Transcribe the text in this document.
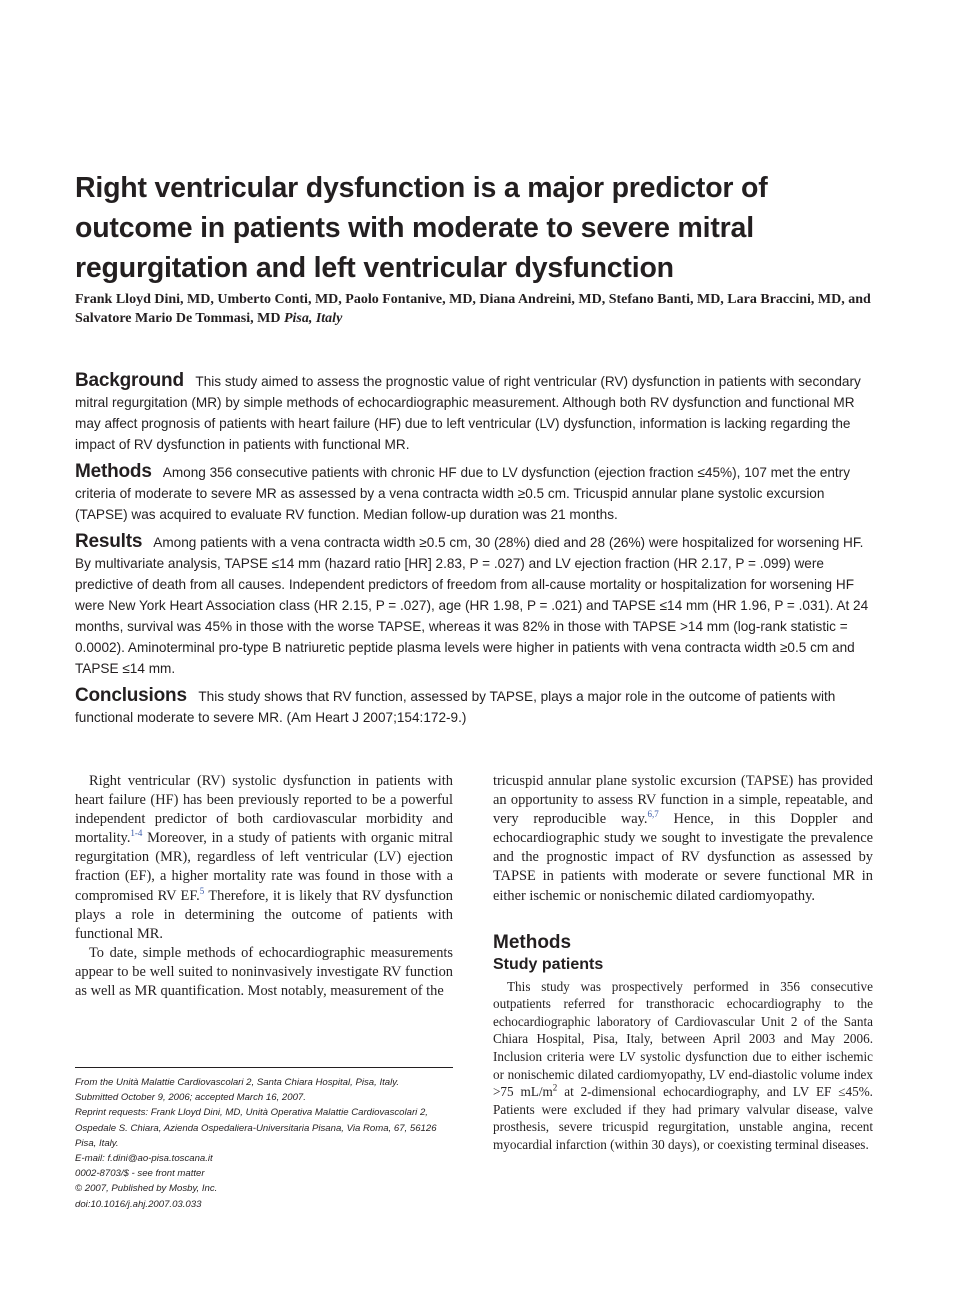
Right ventricular dysfunction is a major predictor of outcome in patients with moderate to severe mitral regurgitation and left ventricular dysfunction

Frank Lloyd Dini, MD, Umberto Conti, MD, Paolo Fontanive, MD, Diana Andreini, MD, Stefano Banti, MD, Lara Braccini, MD, and Salvatore Mario De Tommasi, MD Pisa, Italy

Background This study aimed to assess the prognostic value of right ventricular (RV) dysfunction in patients with secondary mitral regurgitation (MR) by simple methods of echocardiographic measurement. Although both RV dysfunction and functional MR may affect prognosis of patients with heart failure (HF) due to left ventricular (LV) dysfunction, information is lacking regarding the impact of RV dysfunction in patients with functional MR.

Methods Among 356 consecutive patients with chronic HF due to LV dysfunction (ejection fraction ≤45%), 107 met the entry criteria of moderate to severe MR as assessed by a vena contracta width ≥0.5 cm. Tricuspid annular plane systolic excursion (TAPSE) was acquired to evaluate RV function. Median follow-up duration was 21 months.

Results Among patients with a vena contracta width ≥0.5 cm, 30 (28%) died and 28 (26%) were hospitalized for worsening HF. By multivariate analysis, TAPSE ≤14 mm (hazard ratio [HR] 2.83, P = .027) and LV ejection fraction (HR 2.17, P = .099) were predictive of death from all causes. Independent predictors of freedom from all-cause mortality or hospitalization for worsening HF were New York Heart Association class (HR 2.15, P = .027), age (HR 1.98, P = .021) and TAPSE ≤14 mm (HR 1.96, P = .031). At 24 months, survival was 45% in those with the worse TAPSE, whereas it was 82% in those with TAPSE >14 mm (log-rank statistic = 0.0002). Aminoterminal pro-type B natriuretic peptide plasma levels were higher in patients with vena contracta width ≥0.5 cm and TAPSE ≤14 mm.

Conclusions This study shows that RV function, assessed by TAPSE, plays a major role in the outcome of patients with functional moderate to severe MR. (Am Heart J 2007;154:172-9.)

Right ventricular (RV) systolic dysfunction in patients with heart failure (HF) has been previously reported to be a powerful independent predictor of both cardiovascular morbidity and mortality.$^{1-4}$ Moreover, in a study of patients with organic mitral regurgitation (MR), regardless of left ventricular (LV) ejection fraction (EF), a higher mortality rate was found in those with a compromised RV EF.$^5$ Therefore, it is likely that RV dysfunction plays a role in determining the outcome of patients with functional MR.

To date, simple methods of echocardiographic measurements appear to be well suited to noninvasively investigate RV function as well as MR quantification. Most notably, measurement of the

From the Unità Malattie Cardiovascolari 2, Santa Chiara Hospital, Pisa, Italy.
Submitted October 9, 2006; accepted March 16, 2007.
Reprint requests: Frank Lloyd Dini, MD, Unità Operativa Malattie Cardiovascolari 2, Ospedale S. Chiara, Azienda Ospedaliera-Universitaria Pisana, Via Roma, 67, 56126 Pisa, Italy.
E-mail: f.dini@ao-pisa.toscana.it
0002-8703/$ - see front matter
© 2007, Published by Mosby, Inc.
doi:10.1016/j.ahj.2007.03.033

tricuspid annular plane systolic excursion (TAPSE) has provided an opportunity to assess RV function in a simple, repeatable, and very reproducible way.$^{6,7}$ Hence, in this Doppler and echocardiographic study we sought to investigate the prevalence and the prognostic impact of RV dysfunction as assessed by TAPSE in patients with moderate or severe functional MR in either ischemic or nonischemic dilated cardiomyopathy.

Methods
Study patients

This study was prospectively performed in 356 consecutive outpatients referred for transthoracic echocardiography to the echocardiographic laboratory of Cardiovascular Unit 2 of the Santa Chiara Hospital, Pisa, Italy, between April 2003 and May 2006. Inclusion criteria were LV systolic dysfunction due to either ischemic or nonischemic dilated cardiomyopathy, LV end-diastolic volume index >75 $mL/m^2$ at 2-dimensional echocardiography, and LV EF ≤45%. Patients were excluded if they had primary valvular disease, valve prosthesis, severe tricuspid regurgitation, unstable angina, recent myocardial infarction (within 30 days), or coexisting terminal diseases.
